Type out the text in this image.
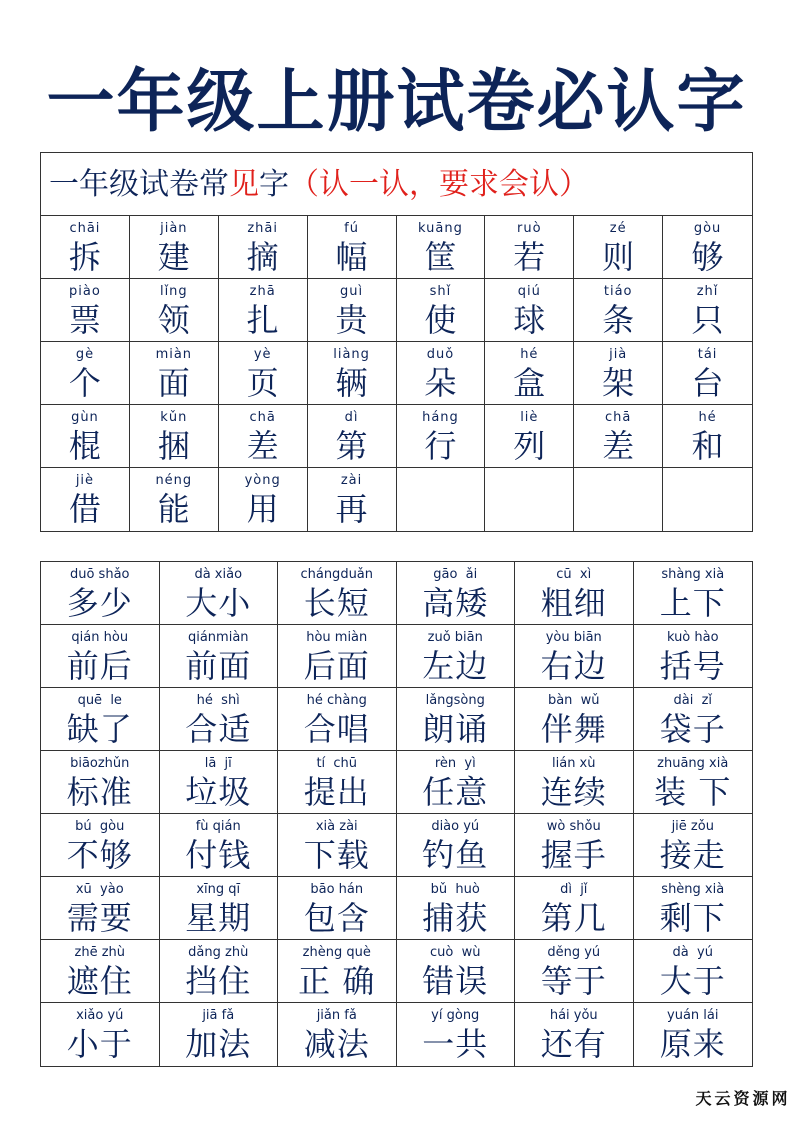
一年级上册试卷必认字
一年级试卷常见字（认一认，要求会认）
chāi
拆
jiàn
建
zhāi
摘
fú
幅
kuāng
筐
ruò
若
zé
则
gòu
够
piào
票
lǐng
领
zhā
扎
guì
贵
shǐ
使
qiú
球
tiáo
条
zhǐ
只
gè
个
miàn
面
yè
页
liàng
辆
duǒ
朵
hé
盒
jià
架
tái
台
gùn
棍
kǔn
捆
chā
差
dì
第
háng
行
liè
列
chā
差
hé
和
jiè
借
néng
能
yòng
用
zài
再
duō shǎo
多少
dà xiǎo
大小
chángduǎn
长短
gāo  ǎi
高矮
cū  xì
粗细
shàng xià
上下
qián hòu
前后
qiánmiàn
前面
hòu miàn
后面
zuǒ biān
左边
yòu biān
右边
kuò hào
括号
quē  le
缺了
hé  shì
合适
hé chàng
合唱
lǎngsòng
朗诵
bàn  wǔ
伴舞
dài  zǐ
袋子
biāozhǔn
标准
lā  jī
垃圾
tí  chū
提出
rèn  yì
任意
lián xù
连续
zhuāng xià
装 下
bú  gòu
不够
fù qián
付钱
xià zài
下载
diào yú
钓鱼
wò shǒu
握手
jiē zǒu
接走
xū  yào
需要
xīng qī
星期
bāo hán
包含
bǔ  huò
捕获
dì  jǐ
第几
shèng xià
剩下
zhē zhù
遮住
dǎng zhù
挡住
zhèng què
正 确
cuò  wù
错误
děng yú
等于
dà  yú
大于
xiǎo yú
小于
jiā fǎ
加法
jiǎn fǎ
减法
yí gòng
一共
hái yǒu
还有
yuán lái
原来
天云资源网
